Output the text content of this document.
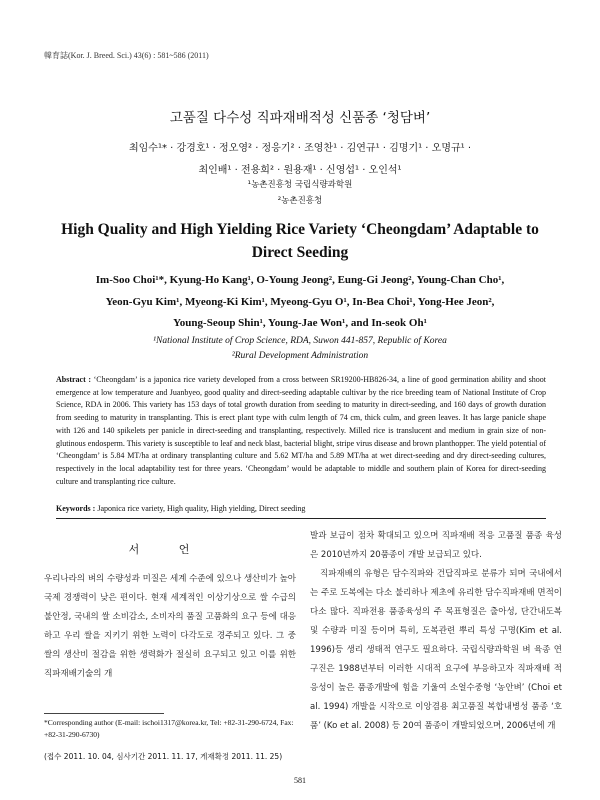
韓育誌(Kor. J. Breed. Sci.) 43(6) : 581~586 (2011)
고품질 다수성 직파재배적성 신품종 ‘청담벼’
최임수¹* · 강경호¹ · 정오영² · 정응기² · 조영찬¹ · 김연규¹ · 김명기¹ · 오명규¹ ·
최인배¹ · 전용희² · 원용재¹ · 신영섭¹ · 오인석¹
¹농촌진흥청 국립식량과학원
²농촌진흥청
High Quality and High Yielding Rice Variety ‘Cheongdam’ Adaptable to
Direct Seeding
Im-Soo Choi¹*, Kyung-Ho Kang¹, O-Young Jeong², Eung-Gi Jeong², Young-Chan Cho¹,
Yeon-Gyu Kim¹, Myeong-Ki Kim¹, Myeong-Gyu O¹, In-Bea Choi¹, Yong-Hee Jeon²,
Young-Seoup Shin¹, Young-Jae Won¹, and In-seok Oh¹
¹National Institute of Crop Science, RDA, Suwon 441-857, Republic of Korea
²Rural Development Administration
Abstract : ‘Cheongdam’ is a japonica rice variety developed from a cross between SR19200-HB826-34, a line of good germination ability and shoot emergence at low temperature and Juanbyeo, good quality and direct-seeding adaptable cultivar by the rice breeding team of National Institute of Crop Science, RDA in 2006. This variety has 153 days of total growth duration from seeding to maturity in direct-seeding, and 160 days of growth duration from seeding to maturity in transplanting. This is erect plant type with culm length of 74 cm, thick culm, and green leaves. It has large panicle shape with 126 and 140 spikelets per panicle in direct-seeding and transplanting, respectively. Milled rice is translucent and medium in grain size of non-glutinous endosperm. This variety is susceptible to leaf and neck blast, bacterial blight, stripe virus disease and brown planthopper. The yield potential of ‘Cheongdam’ is 5.84 MT/ha at ordinary transplanting culture and 5.62 MT/ha and 5.89 MT/ha at wet direct-seeding and dry direct-seeding cultures, respectively in the local adaptability test for three years. ‘Cheongdam’ would be adaptable to middle and southern plain of Korea for direct-seeding culture and transplanting rice culture.
Keywords : Japonica rice variety, High quality, High yielding, Direct seeding
서 언

우리나라의 벼의 수량성과 미질은 세계 수준에 있으나 생산비가 높아 국제 경쟁력이 낮은 편이다. 현재 세계적인 이상기상으로 쌀 수급의 불안정, 국내의 쌀 소비감소, 소비자의 품질 고품화의 요구 등에 대응하고 우리 쌀을 지키기 위한 노력이 다각도로 경주되고 있다. 그 중 쌀의 생산비 절감을 위한 생력화가 절실히 요구되고 있고 이를 위한 직파재배기술의 개

발과 보급이 점차 확대되고 있으며 직파재배 적응 고품질 품종 육성은 2010년까지 20품종이 개발 보급되고 있다.

직파재배의 유형은 담수직파와 건답직파로 분류가 되며 국내에서는 주로 도복에는 다소 불리하나 제초에 유리한 담수직파재배 면적이 다소 많다. 직파전용 품종육성의 주 목표형질은 출아성, 단간내도복 및 수량과 미질 등이며 특히, 도복관련 뿌리 특성 구명(Kim et al. 1996)등 생리 생태적 연구도 필요하다. 국립식량과학원 벼 육종 연구진은 1988년부터 이러한 시대적 요구에 부응하고자 직파재배 적응성이 높은 품종개발에 힘을 기울여 소얼수중형 ‘농안벼’ (Choi et al. 1994) 개발을 시작으로 이앙겸용 최고품질 복합내병성 품종 ‘호품’ (Ko et al. 2008) 등 20여 품종이 개발되었으며, 2006년에 개

*Corresponding author (E-mail: ischoi1317@korea.kr, Tel: +82-31-290-6724, Fax: +82-31-290-6730)
(접수 2011. 10. 04, 심사기간 2011. 11. 17, 게재확정 2011. 11. 25)
581
